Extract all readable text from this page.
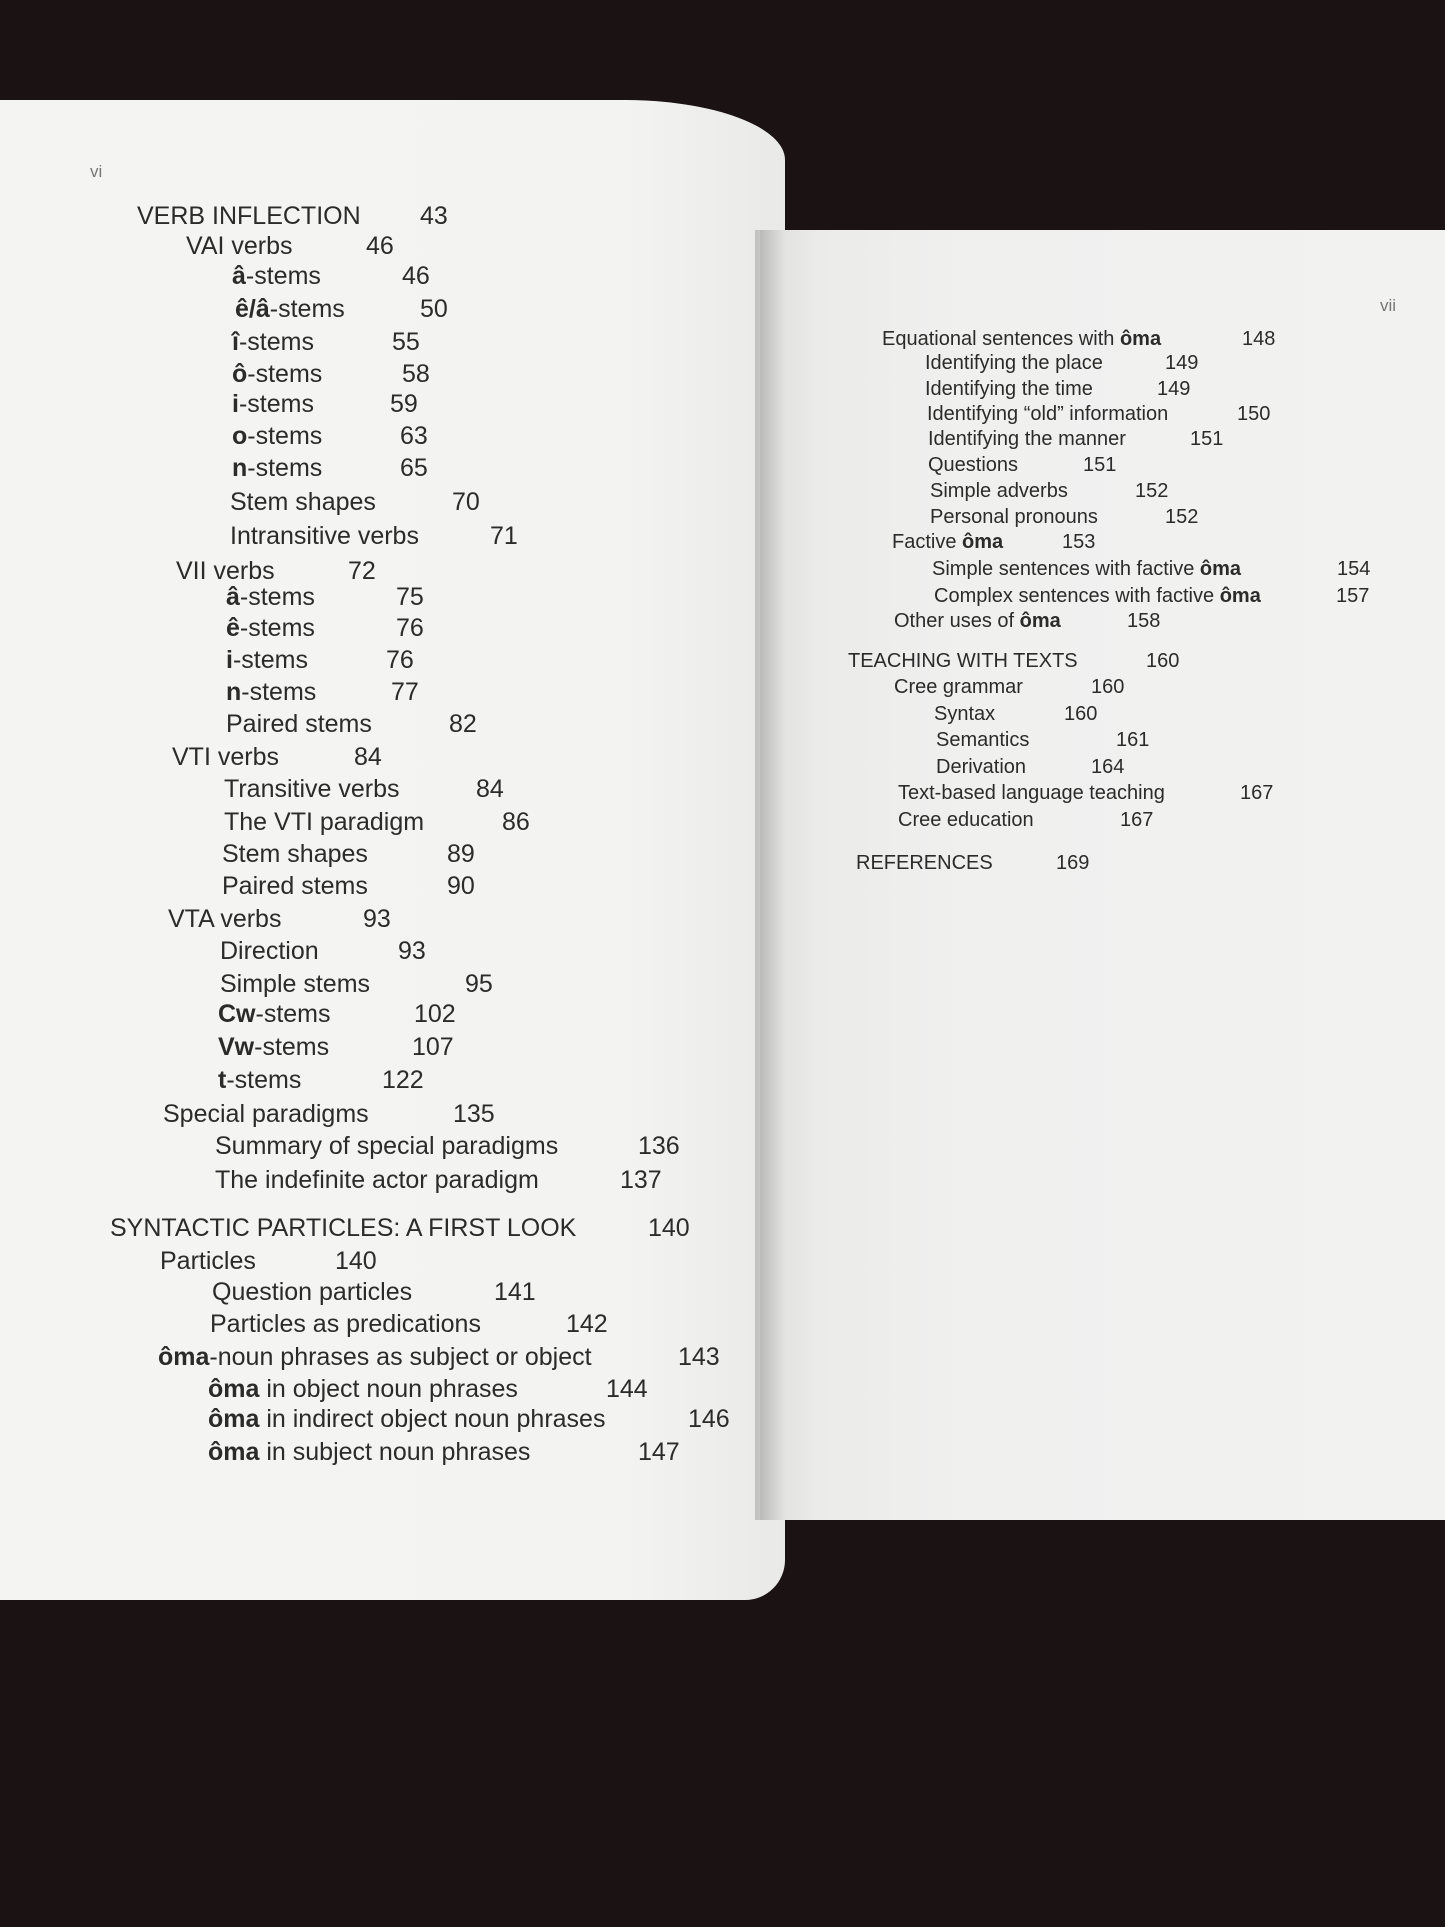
vi
VERB INFLECTION 43
VAI verbs	46
â-stems	46
ê/â-stems	50
î-stems	55
ô-stems	58
i-stems	59
o-stems	63
n-stems	65
Stem shapes	70
Intransitive verbs	71
VII verbs	72
â-stems	75
ê-stems	76
i-stems	76
n-stems	77
Paired stems	82
VTI verbs	84
Transitive verbs	84
The VTI paradigm	86
Stem shapes	89
Paired stems	90
VTA verbs	93
Direction	93
Simple stems	95
Cw-stems	102
Vw-stems	107
t-stems	122
Special paradigms	135
Summary of special paradigms	136
The indefinite actor paradigm	137
SYNTACTIC PARTICLES: A FIRST LOOK	140
Particles	140
Question particles	141
Particles as predications	142
ôma-noun phrases as subject or object	143
ôma in object noun phrases	144
ôma in indirect object noun phrases	146
ôma in subject noun phrases	147
vii
Equational sentences with ôma	148
Identifying the place	149
Identifying the time	149
Identifying “old” information	150
Identifying the manner	151
Questions	151
Simple adverbs	152
Personal pronouns	152
Factive ôma	153
Simple sentences with factive ôma	154
Complex sentences with factive ôma	157
Other uses of ôma	158
TEACHING WITH TEXTS	160
Cree grammar	160
Syntax	160
Semantics	161
Derivation	164
Text-based language teaching	167
Cree education	167
REFERENCES	169
